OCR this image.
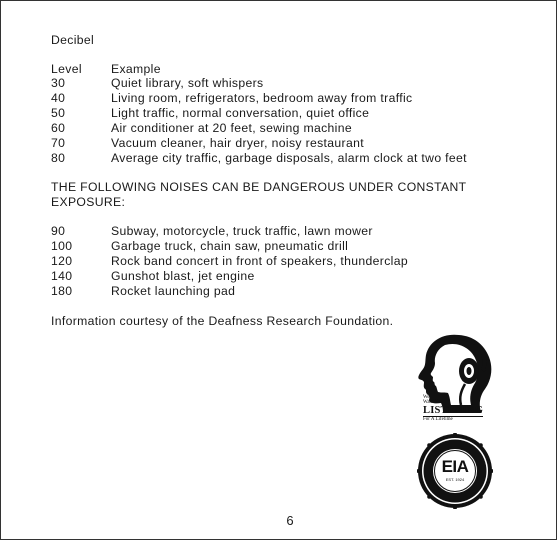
Decibel
Level Example
30	Quiet library, soft whispers
40	Living room, refrigerators, bedroom away from traffic
50	Light traffic, normal conversation, quiet office
60	Air conditioner at 20 feet, sewing machine
70	Vacuum cleaner, hair dryer, noisy restaurant
80	Average city traffic, garbage disposals, alarm clock at two feet
THE FOLLOWING NOISES CAN BE DANGEROUS UNDER CONSTANT
EXPOSURE:
90	Subway, motorcycle, truck traffic, lawn mower
100	Garbage truck, chain saw, pneumatic drill
120	Rock band concert in front of speakers, thunderclap
140	Gunshot blast, jet engine
180	Rocket launching pad
Information courtesy of the Deafness Research Foundation.
We
Want You
LISTENING
For A Lifetime
EIA
EST. 1924
6
